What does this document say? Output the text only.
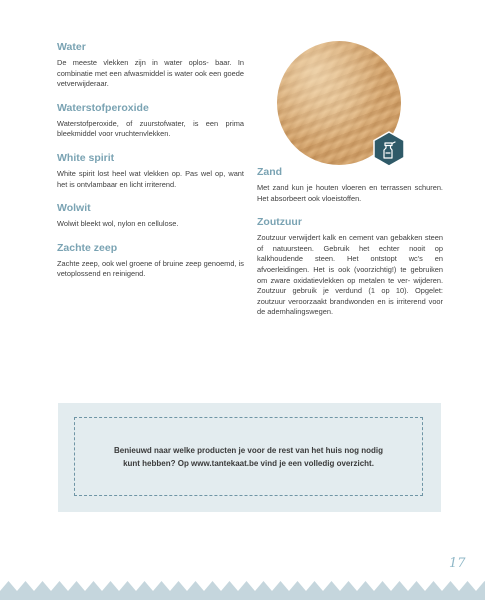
Water

De meeste vlekken zijn in water oplos- baar. In combinatie met een afwasmiddel is water ook een goede vetverwijderaar.

Waterstofperoxide

Waterstofperoxide, of zuurstofwater, is een prima bleekmiddel voor vruchtenvlekken.

White spirit

White spirit lost heel wat vlekken op. Pas wel op, want het is ontvlambaar en licht irriterend.

Wolwit

Wolwit bleekt wol, nylon en cellulose.

Zachte zeep

Zachte zeep, ook wel groene of bruine zeep genoemd, is vetoplossend en reinigend.

Zand

Met zand kun je houten vloeren en terrassen schuren. Het absorbeert ook vloeistoffen.

Zoutzuur

Zoutzuur verwijdert kalk en cement van gebakken steen of natuursteen. Gebruik het echter nooit op kalkhoudende steen. Het ontstopt wc's en afvoerleidingen. Het is ook (voorzichtig!) te gebruiken om zware oxidatievlekken op metalen te ver- wijderen. Zoutzuur gebruik je verdund (1 op 10). Opgelet: zoutzuur veroorzaakt brandwonden en is irriterend voor de ademhalingswegen.

Benieuwd naar welke producten je voor de rest van het huis nog nodig
kunt hebben? Op www.tantekaat.be vind je een volledig overzicht.

17
